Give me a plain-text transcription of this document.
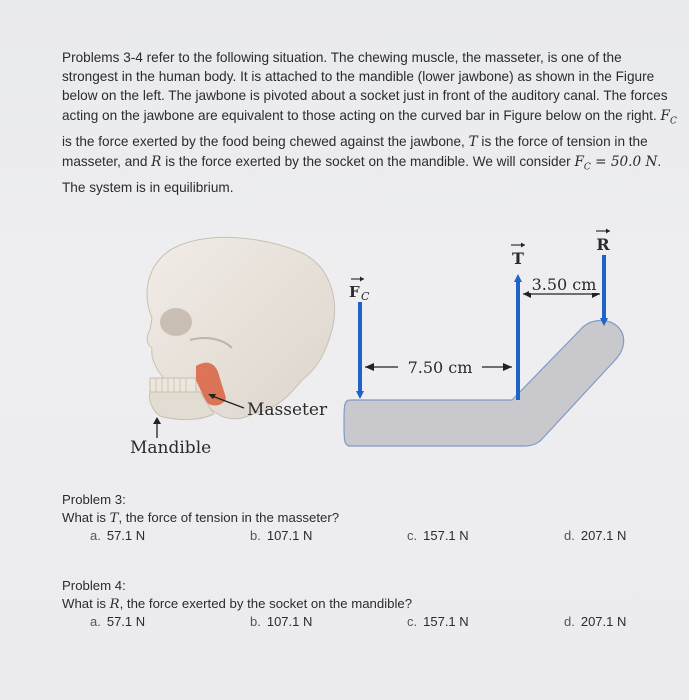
Problems 3-4 refer to the following situation. The chewing muscle, the masseter, is one of the strongest in the human body. It is attached to the mandible (lower jawbone) as shown in the Figure below on the left. The jawbone is pivoted about a socket just in front of the auditory canal. The forces acting on the jawbone are equivalent to those acting on the curved bar in Figure below on the right. $F_C$ is the force exerted by the food being chewed against the jawbone, T is the force of tension in the masseter, and R is the force exerted by the socket on the mandible. We will consider $F_C = 50.0$ N. The system is in equilibrium.

7.50 cm
3.50 cm
F C
T
R
Masseter
Mandible
Problem 3:
What is T, the force of tension in the masseter?
a. 57.1 N	b. 107.1 N	c. 157.1 N	d. 207.1 N
Problem 4:
What is R, the force exerted by the socket on the mandible?
a. 57.1 N	b. 107.1 N	c. 157.1 N	d. 207.1 N
